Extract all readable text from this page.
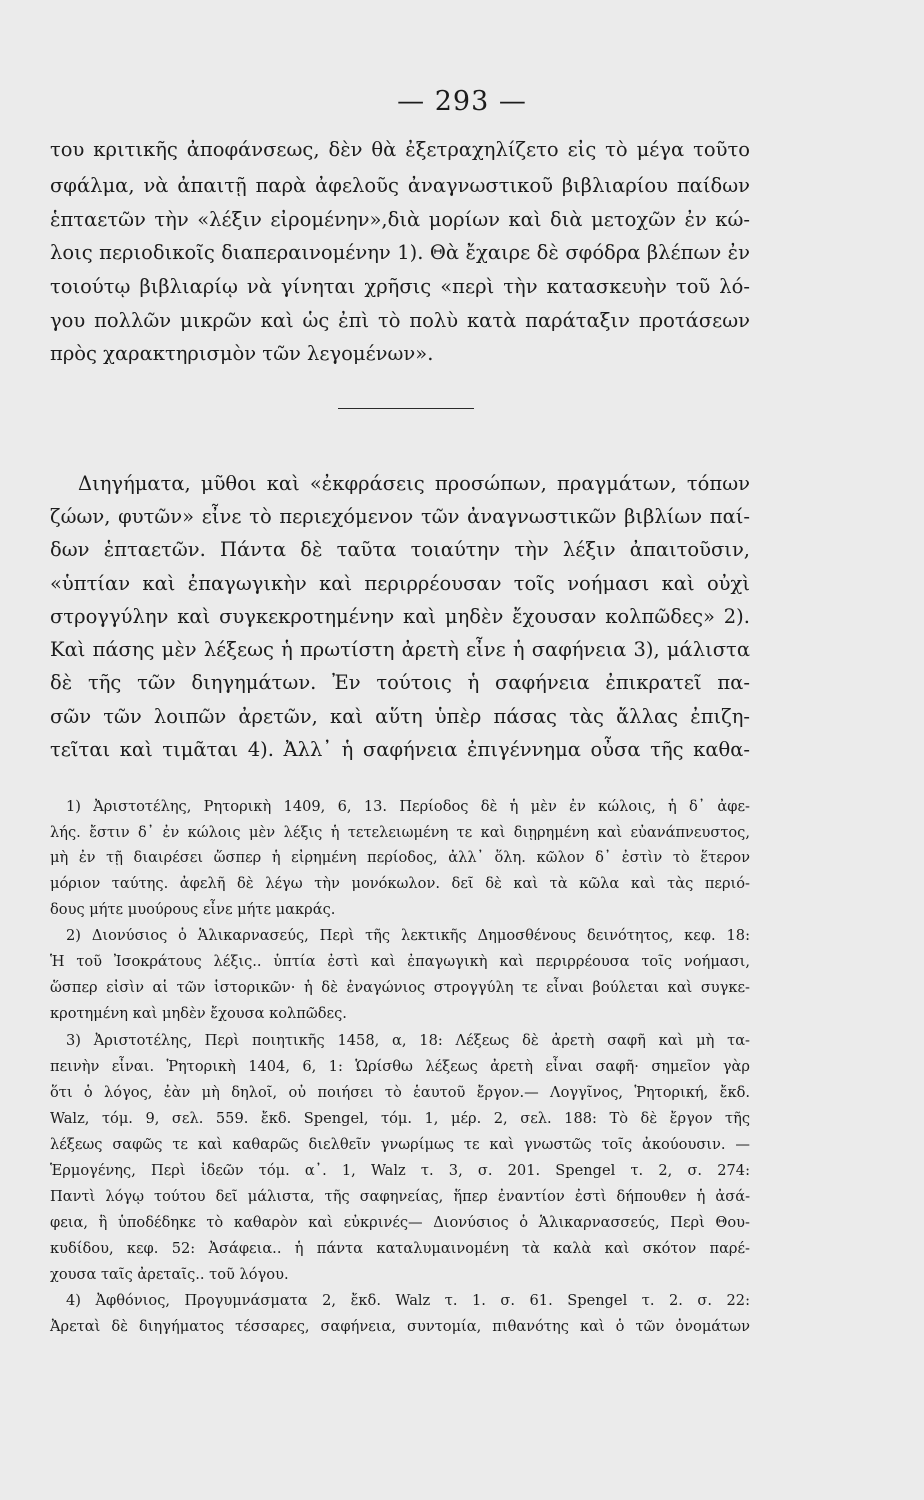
— 293 —
του κριτικῆς ἀποφάνσεως, δὲν θὰ ἐξετραχηλίζετο εἰς τὸ μέγα τοῦτο
σφάλμα, νὰ ἀπαιτῇ παρὰ ἀφελοῦς ἀναγνωστικοῦ βιβλιαρίου παίδων
ἑπταετῶν τὴν «λέξιν εἰρομένην»,διὰ μορίων καὶ διὰ μετοχῶν ἐν κώ-
λοις περιοδικοῖς διαπεραινομένην 1). Θὰ ἔχαιρε δὲ σφόδρα βλέπων ἐν
τοιούτῳ βιβλιαρίῳ νὰ γίνηται χρῆσις «περὶ τὴν κατασκευὴν τοῦ λό-
γου πολλῶν μικρῶν καὶ ὡς ἐπὶ τὸ πολὺ κατὰ παράταξιν προτάσεων
πρὸς χαρακτηρισμὸν τῶν λεγομένων».
Διηγήματα, μῦθοι καὶ «ἐκφράσεις προσώπων, πραγμάτων, τόπων
ζώων, φυτῶν» εἶνε τὸ περιεχόμενον τῶν ἀναγνωστικῶν βιβλίων παί-
δων ἑπταετῶν. Πάντα δὲ ταῦτα τοιαύτην τὴν λέξιν ἀπαιτοῦσιν,
«ὑπτίαν καὶ ἐπαγωγικὴν καὶ περιρρέουσαν τοῖς νοήμασι καὶ οὐχὶ
στρογγύλην καὶ συγκεκροτημένην καὶ μηδὲν ἔχουσαν κολπῶδες» 2).
Καὶ πάσης μὲν λέξεως ἡ πρωτίστη ἀρετὴ εἶνε ἡ σαφήνεια 3), μάλιστα
δὲ τῆς τῶν διηγημάτων. Ἐν τούτοις ἡ σαφήνεια ἐπικρατεῖ πα-
σῶν τῶν λοιπῶν ἀρετῶν, καὶ αὕτη ὑπὲρ πάσας τὰς ἄλλας ἐπιζη-
τεῖται καὶ τιμᾶται 4). Ἀλλ᾽ ἡ σαφήνεια ἐπιγέννημα οὖσα τῆς καθα-
1) Ἀριστοτέλης, Ρητορικὴ 1409, 6, 13. Περίοδος δὲ ἡ μὲν ἐν κώλοις, ἡ δ᾽ ἀφε-
λής. ἔστιν δ᾽ ἐν κώλοις μὲν λέξις ἡ τετελειωμένη τε καὶ διῃρημένη καὶ εὐανάπνευστος,
μὴ ἐν τῇ διαιρέσει ὥσπερ ἡ εἰρημένη περίοδος, ἀλλ᾽ ὅλη. κῶλον δ᾽ ἐστὶν τὸ ἕτερον
μόριον ταύτης. ἀφελῆ δὲ λέγω τὴν μονόκωλον. δεῖ δὲ καὶ τὰ κῶλα καὶ τὰς περιό-
δους μήτε μυούρους εἶνε μήτε μακράς.
2) Διονύσιος ὁ Ἁλικαρνασεύς, Περὶ τῆς λεκτικῆς Δημοσθένους δεινότητος, κεφ. 18:
Ἡ τοῦ Ἰσοκράτους λέξις.. ὑπτία ἐστὶ καὶ ἐπαγωγικὴ καὶ περιρρέουσα τοῖς νοήμασι,
ὥσπερ εἰσὶν αἱ τῶν ἱστορικῶν· ἡ δὲ ἐναγώνιος στρογγύλη τε εἶναι βούλεται καὶ συγκε-
κροτημένη καὶ μηδὲν ἔχουσα κολπῶδες.
3) Ἀριστοτέλης, Περὶ ποιητικῆς 1458, α, 18: Λέξεως δὲ ἀρετὴ σαφῆ καὶ μὴ τα-
πεινὴν εἶναι. Ῥητορικὴ 1404, 6, 1: Ὡρίσθω λέξεως ἀρετὴ εἶναι σαφῆ· σημεῖον γὰρ
ὅτι ὁ λόγος, ἐὰν μὴ δηλοῖ, οὐ ποιήσει τὸ ἑαυτοῦ ἔργον.— Λογγῖνος, Ῥητορική, ἔκδ.
Walz, τόμ. 9, σελ. 559. ἔκδ. Spengel, τόμ. 1, μέρ. 2, σελ. 188: Τὸ δὲ ἔργον τῆς
λέξεως σαφῶς τε καὶ καθαρῶς διελθεῖν γνωρίμως τε καὶ γνωστῶς τοῖς ἀκούουσιν. —
Ἑρμογένης, Περὶ ἰδεῶν τόμ. α᾽. 1, Walz τ. 3, σ. 201. Spengel τ. 2, σ. 274:
Παντὶ λόγῳ τούτου δεῖ μάλιστα, τῆς σαφηνείας, ἥπερ ἐναντίον ἐστὶ δήπουθεν ἡ ἀσά-
φεια, ἣ ὑποδέδηκε τὸ καθαρὸν καὶ εὐκρινές— Διονύσιος ὁ Ἁλικαρνασσεύς, Περὶ Θου-
κυδίδου, κεφ. 52: Ἀσάφεια.. ἡ πάντα καταλυμαινομένη τὰ καλὰ καὶ σκότον παρέ-
χουσα ταῖς ἀρεταῖς.. τοῦ λόγου.
4) Ἀφθόνιος, Προγυμνάσματα 2, ἔκδ. Walz τ. 1. σ. 61. Spengel τ. 2. σ. 22:
Ἀρεταὶ δὲ διηγήματος τέσσαρες, σαφήνεια, συντομία, πιθανότης καὶ ὁ τῶν ὀνομάτων
